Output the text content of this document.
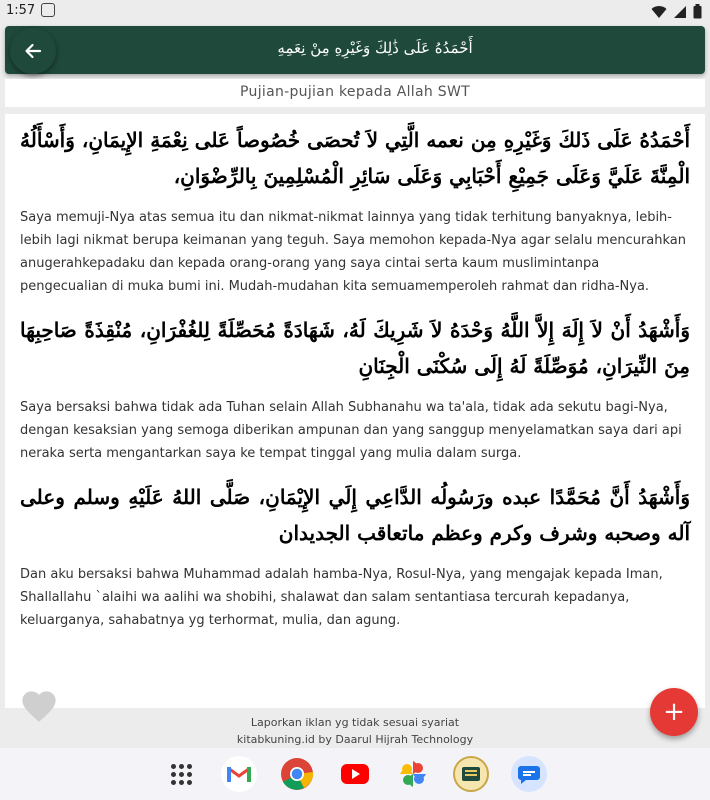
1:57
أَحْمَدُهُ عَلَى ذَٰلِكَ وَغَيْرِهِ مِنْ نِعَمِهِ
Pujian-pujian kepada Allah SWT

أَحْمَدُهُ عَلَى ذَلكَ وَغَيْرِهِ مِن نعمه الَّتِي لاَ تُحصَى خُصُوصاً عَلى نِعْمَةِ الإِيمَانِ، وَأَسْأَلُهُ الْمِنَّةَ عَلَيَّ وَعَلَى جَمِيْعِ أَحْبَابِي وَعَلَى سَائِرِ الْمُسْلِمِينَ بِالرِّضْوَانِ،

Saya memuji-Nya atas semua itu dan nikmat-nikmat lainnya yang tidak terhitung banyaknya, lebih-lebih lagi nikmat berupa keimanan yang teguh. Saya memohon kepada-Nya agar selalu mencurahkan anugerahkepadaku dan kepada orang-orang yang saya cintai serta kaum muslimintanpa pengecualian di muka bumi ini. Mudah-mudahan kita semuamemperoleh rahmat dan ridha-Nya.

وَأَشْهَدُ أَنْ لاَ إِلَهَ إِلاَّ اللَّهُ وَحْدَهُ لاَ شَرِيكَ لَهُ، شَهَادَةً مُحَصِّلَةً لِلغُفْرَانِ، مُنْقِذَةً صَاحِبِهَا مِنَ النِّيرَانِ، مُوَصِّلَةً لَهُ إِلَى سُكْنَى الْجِنَانِ

Saya bersaksi bahwa tidak ada Tuhan selain Allah Subhanahu wa ta'ala, tidak ada sekutu bagi-Nya, dengan kesaksian yang semoga diberikan ampunan dan yang sanggup menyelamatkan saya dari api neraka serta mengantarkan saya ke tempat tinggal yang mulia dalam surga.

وَأَشْهَدُ أَنَّ مُحَمَّدًا عبده ورَسُولُه الدَّاعِي إِلَي الإِيْمَانِ، صَلَّى اللهُ عَلَيْهِ وسلم وعلى آله وصحبه وشرف وكرم وعظم ماتعاقب الجديدان

Dan aku bersaksi bahwa Muhammad adalah hamba-Nya, Rosul-Nya, yang mengajak kepada Iman, Shallallahu `alaihi wa aalihi wa shobihi, shalawat dan salam sentantiasa tercurah kepadanya, keluarganya, sahabatnya yg terhormat, mulia, dan agung.

+
Laporkan iklan yg tidak sesuai syariat
kitabkuning.id by Daarul Hijrah Technology
